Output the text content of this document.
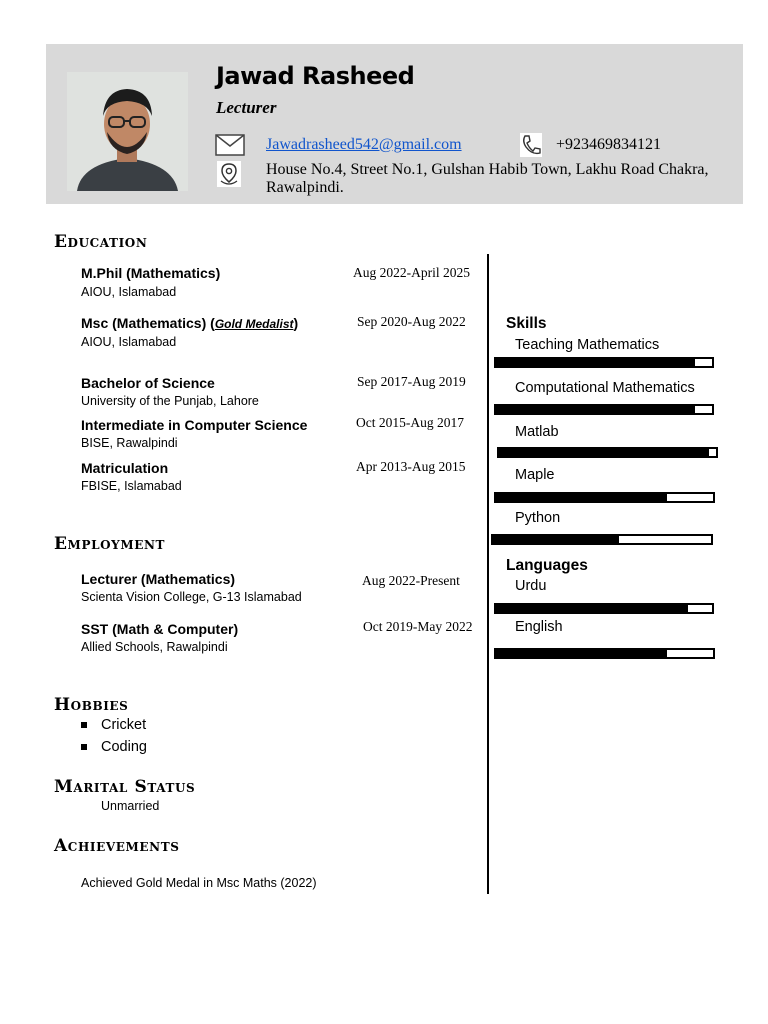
Jawad Rasheed
Lecturer
Jawadrasheed542@gmail.com	+923469834121
House No.4, Street No.1, Gulshan Habib Town, Lakhu Road Chakra, Rawalpindi.
Education
M.Phil (Mathematics)
AIOU, Islamabad
Aug 2022-April 2025
Msc (Mathematics) (Gold Medalist)
AIOU, Islamabad
Sep 2020-Aug 2022
Bachelor of Science
University of the Punjab, Lahore
Sep 2017-Aug 2019
Intermediate in Computer Science
BISE, Rawalpindi
Oct 2015-Aug 2017
Matriculation
FBISE, Islamabad
Apr 2013-Aug 2015
Employment
Lecturer (Mathematics)
Scienta Vision College, G-13 Islamabad
Aug 2022-Present
SST (Math & Computer)
Allied Schools, Rawalpindi
Oct 2019-May 2022
Hobbies
Cricket
Coding
Marital Status
Unmarried
Achievements
Achieved Gold Medal in Msc Maths (2022)
Skills
Teaching Mathematics
Computational Mathematics
Matlab
Maple
Python
Languages
Urdu
English
